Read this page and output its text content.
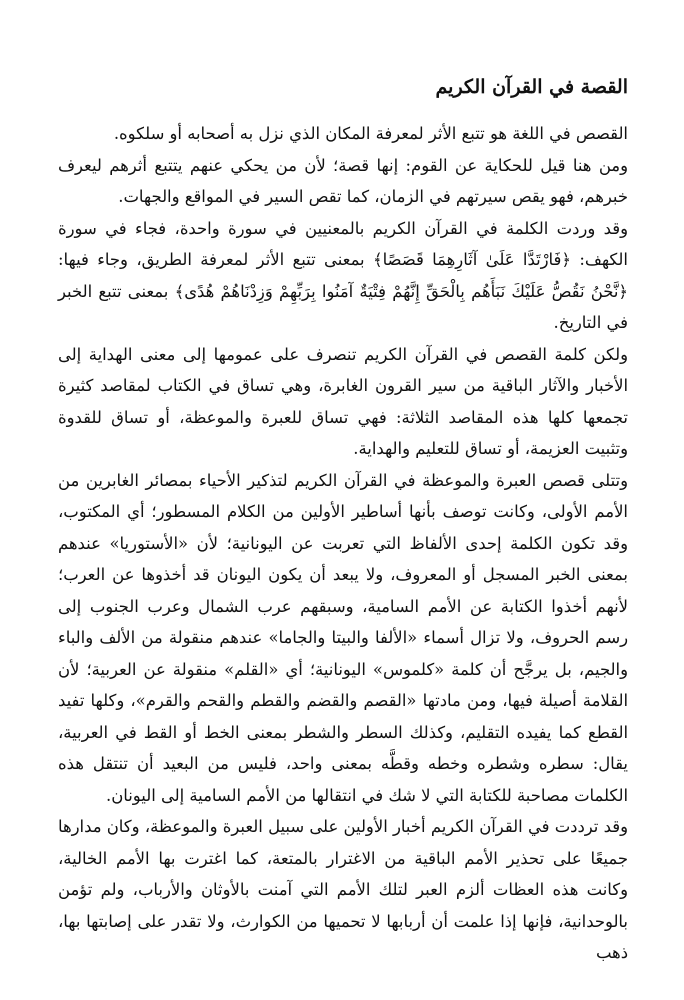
القصة في القرآن الكريم

القصص في اللغة هو تتبع الأثر لمعرفة المكان الذي نزل به أصحابه أو سلكوه.

ومن هنا قيل للحكاية عن القوم: إنها قصة؛ لأن من يحكي عنهم يتتبع أثرهم ليعرف خبرهم، فهو يقص سيرتهم في الزمان، كما تقص السير في المواقع والجهات.

وقد وردت الكلمة في القرآن الكريم بالمعنيين في سورة واحدة، فجاء في سورة الكهف: ﴿فَارْتَدَّا عَلَىٰ آثَارِهِمَا قَصَصًا﴾ بمعنى تتبع الأثر لمعرفة الطريق، وجاء فيها: ﴿نَّحْنُ نَقُصُّ عَلَيْكَ نَبَأَهُم بِالْحَقِّ إِنَّهُمْ فِتْيَةٌ آمَنُوا بِرَبِّهِمْ وَزِدْنَاهُمْ هُدًى﴾ بمعنى تتبع الخبر في التاريخ.

ولكن كلمة القصص في القرآن الكريم تنصرف على عمومها إلى معنى الهداية إلى الأخبار والآثار الباقية من سير القرون الغابرة، وهي تساق في الكتاب لمقاصد كثيرة تجمعها كلها هذه المقاصد الثلاثة: فهي تساق للعبرة والموعظة، أو تساق للقدوة وتثبيت العزيمة، أو تساق للتعليم والهداية.

وتتلى قصص العبرة والموعظة في القرآن الكريم لتذكير الأحياء بمصائر الغابرين من الأمم الأولى، وكانت توصف بأنها أساطير الأولين من الكلام المسطور؛ أي المكتوب، وقد تكون الكلمة إحدى الألفاظ التي تعربت عن اليونانية؛ لأن «الأستوريا» عندهم بمعنى الخبر المسجل أو المعروف، ولا يبعد أن يكون اليونان قد أخذوها عن العرب؛ لأنهم أخذوا الكتابة عن الأمم السامية، وسبقهم عرب الشمال وعرب الجنوب إلى رسم الحروف، ولا تزال أسماء «الألفا والبيتا والجاما» عندهم منقولة من الألف والباء والجيم، بل يرجَّح أن كلمة «كلموس» اليونانية؛ أي «القلم» منقولة عن العربية؛ لأن القلامة أصيلة فيها، ومن مادتها «القصم والقضم والقطم والقحم والقرم»، وكلها تفيد القطع كما يفيده التقليم، وكذلك السطر والشطر بمعنى الخط أو القط في العربية، يقال: سطره وشطره وخطه وقطَّه بمعنى واحد، فليس من البعيد أن تنتقل هذه الكلمات مصاحبة للكتابة التي لا شك في انتقالها من الأمم السامية إلى اليونان.

وقد ترددت في القرآن الكريم أخبار الأولين على سبيل العبرة والموعظة، وكان مدارها جميعًا على تحذير الأمم الباقية من الاغترار بالمتعة، كما اغترت بها الأمم الخالية، وكانت هذه العظات ألزم العبر لتلك الأمم التي آمنت بالأوثان والأرباب، ولم تؤمن بالوحدانية، فإنها إذا علمت أن أربابها لا تحميها من الكوارث، ولا تقدر على إصابتها بها، ذهب
